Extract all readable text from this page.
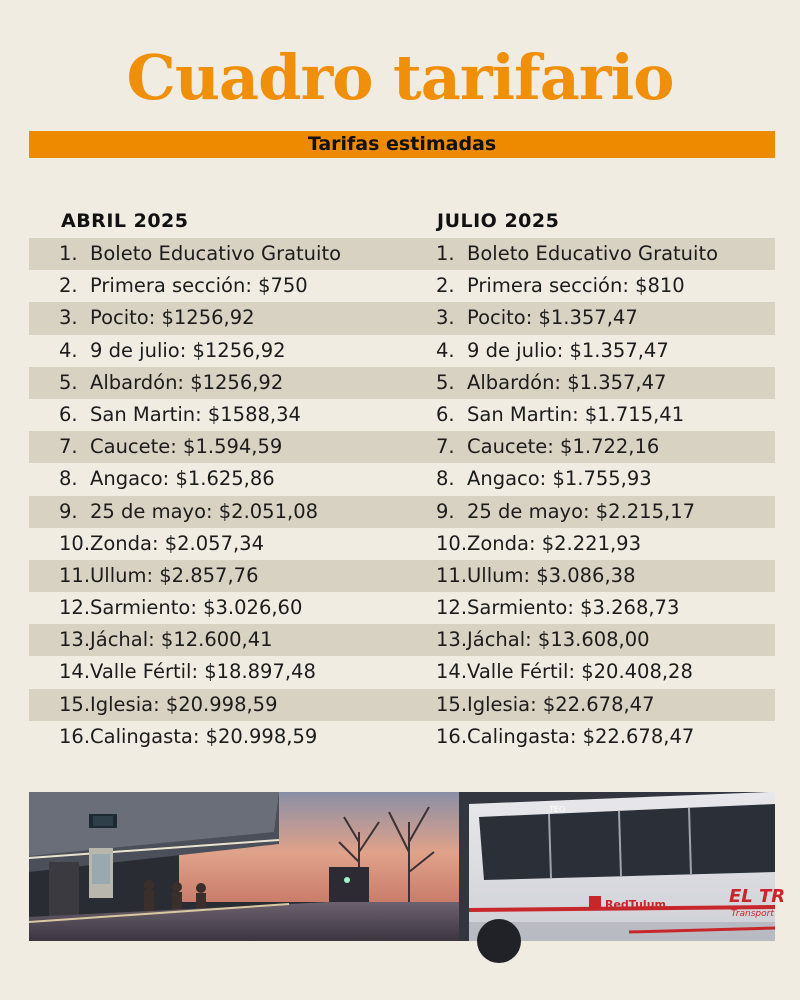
Cuadro tarifario
Tarifas estimadas
ABRIL 2025
1. Boleto Educativo Gratuito
2. Primera sección: $750
3. Pocito: $1256,92
4. 9 de julio: $1256,92
5. Albardón: $1256,92
6. San Martin: $1588,34
7. Caucete: $1.594,59
8. Angaco: $1.625,86
9. 25 de mayo: $2.051,08
10. Zonda: $2.057,34
11. Ullum: $2.857,76
12. Sarmiento: $3.026,60
13. Jáchal: $12.600,41
14. Valle Fértil: $18.897,48
15. Iglesia: $20.998,59
16. Calingasta: $20.998,59
JULIO 2025
1. Boleto Educativo Gratuito
2. Primera sección: $810
3. Pocito: $1.357,47
4. 9 de julio: $1.357,47
5. Albardón: $1.357,47
6. San Martin: $1.715,41
7. Caucete: $1.722,16
8. Angaco: $1.755,93
9. 25 de mayo: $2.215,17
10. Zonda: $2.221,93
11. Ullum: $3.086,38
12. Sarmiento: $3.268,73
13. Jáchal: $13.608,00
14. Valle Fértil: $20.408,28
15. Iglesia: $22.678,47
16. Calingasta: $22.678,47
TEO
RedTulum	EL TR
Transport
